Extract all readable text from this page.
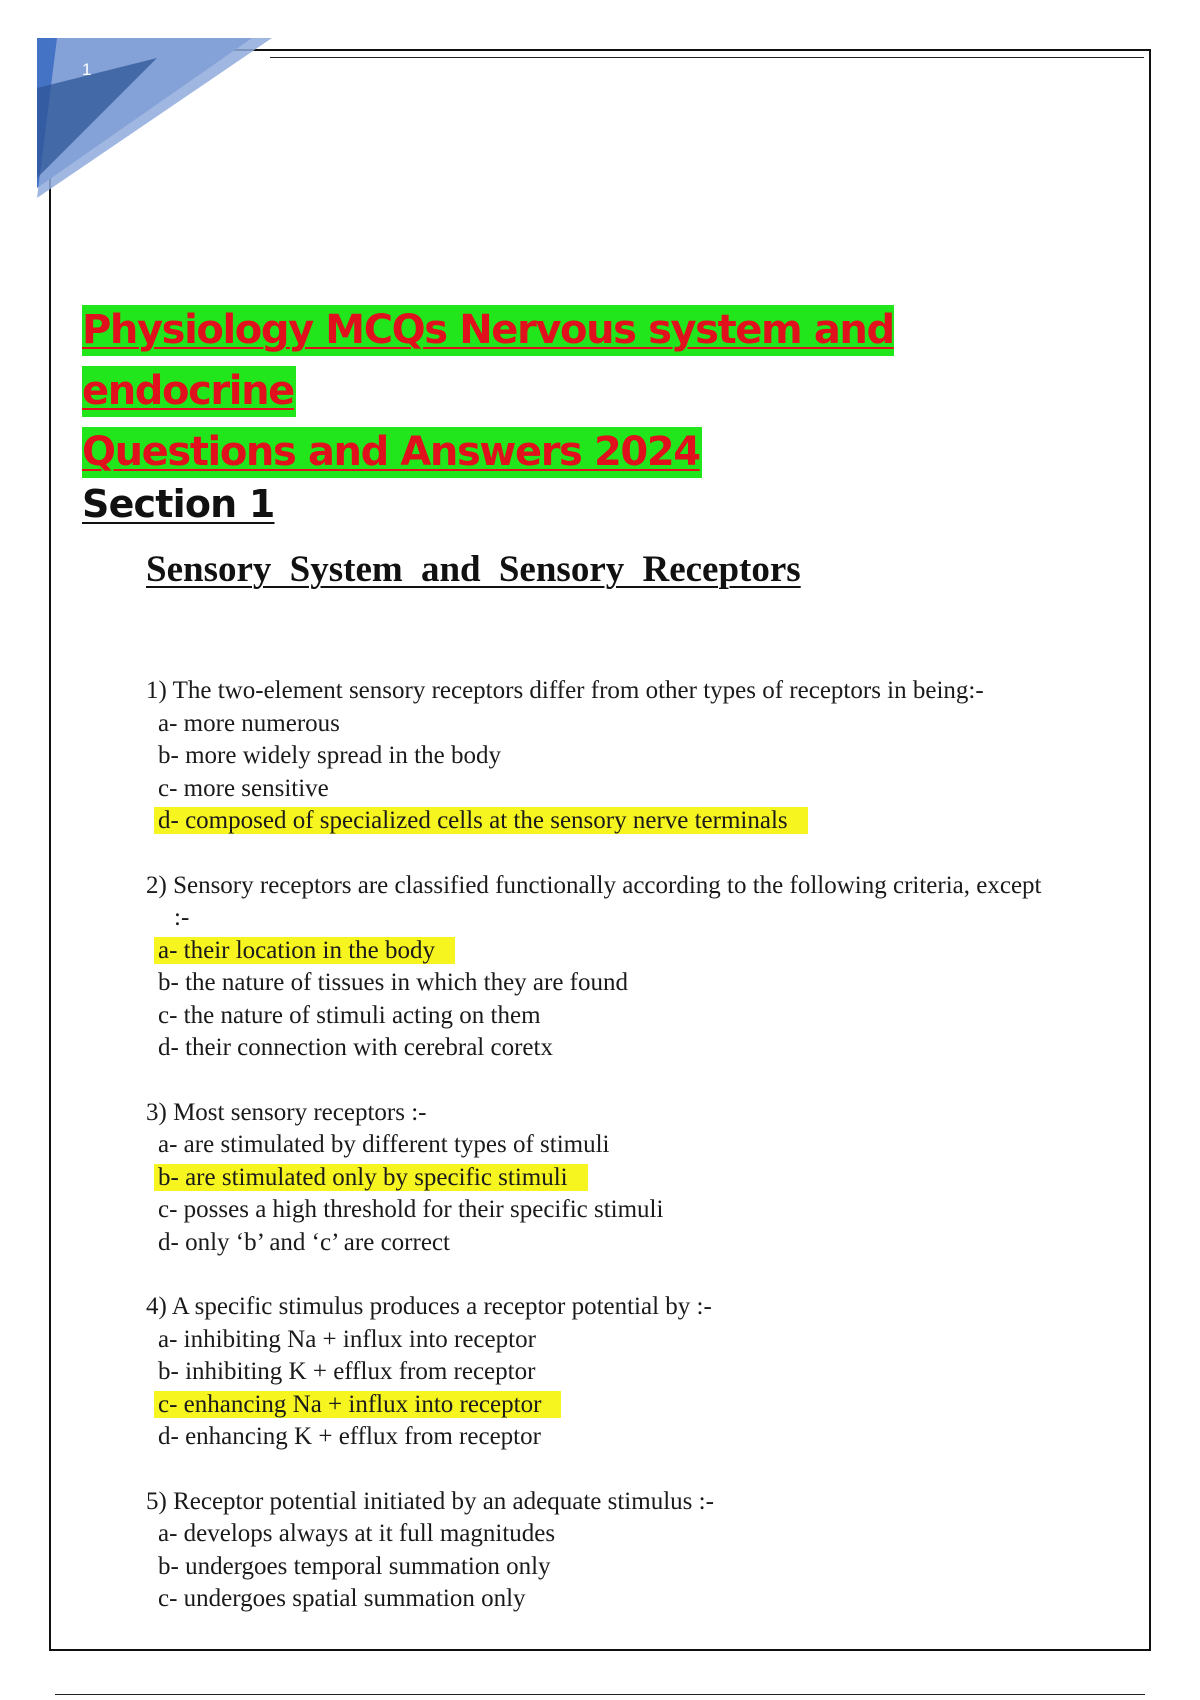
1
Physiology MCQs Nervous system and endocrine
Questions and Answers 2024
Section 1
Sensory System and Sensory Receptors

1) The two-element sensory receptors differ from other types of receptors in being:-

a- more numerous
b- more widely spread in the body
c- more sensitive
d- composed of specialized cells at the sensory nerve terminals

2) Sensory receptors are classified functionally according to the following criteria, except :-

a- their location in the body
b- the nature of tissues in which they are found
c- the nature of stimuli acting on them
d- their connection with cerebral coretx

3) Most sensory receptors :-

a- are stimulated by different types of stimuli
b- are stimulated only by specific stimuli
c- posses a high threshold for their specific stimuli
d- only ‘b’ and ‘c’ are correct

4) A specific stimulus produces a receptor potential by :-

a- inhibiting Na + influx into receptor
b- inhibiting K + efflux from receptor
c- enhancing Na + influx into receptor
d- enhancing K + efflux from receptor

5) Receptor potential initiated by an adequate stimulus :-

a- develops always at it full magnitudes
b- undergoes temporal summation only
c- undergoes spatial summation only
